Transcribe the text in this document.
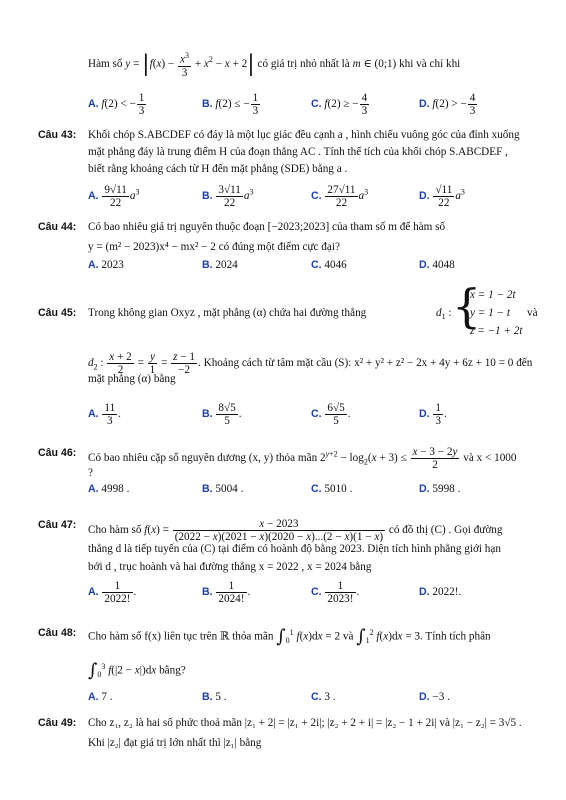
Hàm số $y = |f(x) - \frac{x^3}{3} + x^2 - x + 2|$ có giá trị nhỏ nhất là m ∈ (0;1) khi và chỉ khi
A. f(2) < − $\frac{1}{3}$	B. f(2) ≤ − $\frac{1}{3}$	C. f(2) ≥ − $\frac{4}{3}$	D. f(2) > − $\frac{4}{3}$
Câu 43: Khối chóp S.ABCDEF có đáy là một lục giác đều cạnh a , hình chiếu vuông góc của đỉnh xuống
mặt phẳng đáy là trung điểm H của đoạn thẳng AC . Tính thể tích của khối chóp S.ABCDEF ,
biết rằng khoảng cách từ H đến mặt phẳng (SDE) bằng a .
A. $\frac{9√11}{22} a^3$	B. $\frac{3√11}{22} a^3$	C. $\frac{27√11}{22} a^3$	D. $\frac{√11}{22} a^3$
Câu 44: Có bao nhiêu giá trị nguyên thuộc đoạn [−2023;2023] của tham số m để hàm số
y = (m² − 2023)x⁴ − mx² − 2 có đúng một điểm cực đại?
A. 2023	B. 2024	C. 4046	D. 4048
Câu 45: Trong không gian Oxyz , mặt phẳng (α) chứa hai đường thẳng	$d_1$ : {
x = 1 − 2t
y = 1 − t
z = −1 + 2t
và
$d_2$ : $\frac{x + 2}{2} = \frac{y}{1} = \frac{z - 1}{-2}$ . Khoảng cách từ tâm mặt cầu (S): x² + y² + z² − 2x + 4y + 6z + 10 = 0 đến
mặt phẳng (α) bằng
A. $\frac{11}{3}$ .	B. $\frac{8√5}{5}$ .	C. $\frac{6√5}{5}$ .	D. $\frac{1}{3}$ .
Câu 46: Có bao nhiêu cặp số nguyên dương (x, y) thỏa mãn $2^{y+2} - \log_2(x + 3) \le \frac{x - 3 - 2y}{2}$ và x < 1000
?
A. 4998 .	B. 5004 .	C. 5010 .	D. 5998 .
Câu 47: Cho hàm số $f(x) = \frac{x - 2023}{(2022 - x)(2021 - x)(2020 - x)...(2 - x)(1 - x)}$ có đồ thị (C) . Gọi đường
thẳng d là tiếp tuyến của (C) tại điểm có hoành độ bằng 2023. Diện tích hình phẳng giới hạn
bởi d , trục hoành và hai đường thẳng x = 2022 , x = 2024 bằng
A. $\frac{1}{2022!}$ .	B. $\frac{1}{2024!}$ .	C. $\frac{1}{2023!}$ .	D. 2022!.
Câu 48: Cho hàm số f(x) liên tục trên ℝ thỏa mãn $\int_0^1$ f(x)dx = 2 và $\int_1^2$ f(x)dx = 3. Tính tích phân
$\int_0^3$ f(|2 − x|)dx bằng?
A. 7 .	B. 5 .	C. 3 .	D. −3 .
Câu 49: Cho z₁, z₂ là hai số phức thoả mãn |z₁ + 2| = |z₁ + 2i|; |z₂ + 2 + i| = |z₂ − 1 + 2i| và |z₁ − z₂| = 3√5 .
Khi |z₂| đạt giá trị lớn nhất thì |z₁| bằng
